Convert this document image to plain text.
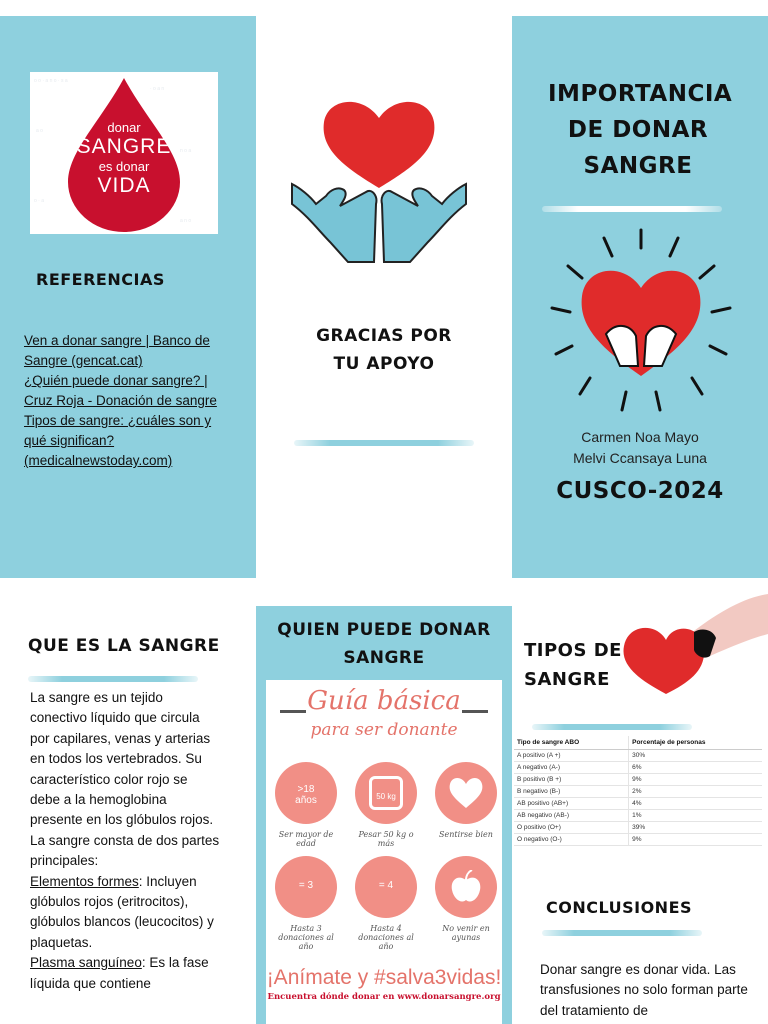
o o · a n o · s a
· o a n
a o
n o a
o · a
a n o
donar
SANGRE
es donar
VIDA
REFERENCIAS
Ven a donar sangre | Banco de Sangre (gencat.cat)
¿Quién puede donar sangre? | Cruz Roja - Donación de sangre
Tipos de sangre: ¿cuáles son y qué significan? (medicalnewstoday.com)
GRACIAS POR TU APOYO
IMPORTANCIA DE DONAR SANGRE
Carmen Noa Mayo
Melvi Ccansaya Luna
CUSCO-2024
QUE ES LA SANGRE
La sangre es un tejido conectivo líquido que circula por capilares, venas y arterias en todos los vertebrados. Su característico color rojo se debe a la hemoglobina presente en los glóbulos rojos.
La sangre consta de dos partes principales:
Elementos formes: Incluyen glóbulos rojos (eritrocitos), glóbulos blancos (leucocitos) y plaquetas.
Plasma sanguíneo: Es la fase líquida que contiene
QUIEN PUEDE DONAR SANGRE
Guía básica
para ser donante
>18 años	50 kg
Ser mayor de edad
Pesar 50 kg o más
Sentirse bien
= 3	= 4
Hasta 3 donaciones al año
Hasta 4 donaciones al año
No venir en ayunas
¡Anímate y #salva3vidas!
Encuentra dónde donar en www.donarsangre.org
TIPOS DE SANGRE
Tipo de sangre ABO	Porcentaje de personas
A positivo (A +)	30%
A negativo (A-)	6%
B positivo (B +)	9%
B negativo (B-)	2%
AB positivo (AB+)	4%
AB negativo (AB-)	1%
O positivo (O+)	39%
O negativo (O-)	9%
CONCLUSIONES
Donar sangre es donar vida. Las transfusiones no solo forman parte del tratamiento de
